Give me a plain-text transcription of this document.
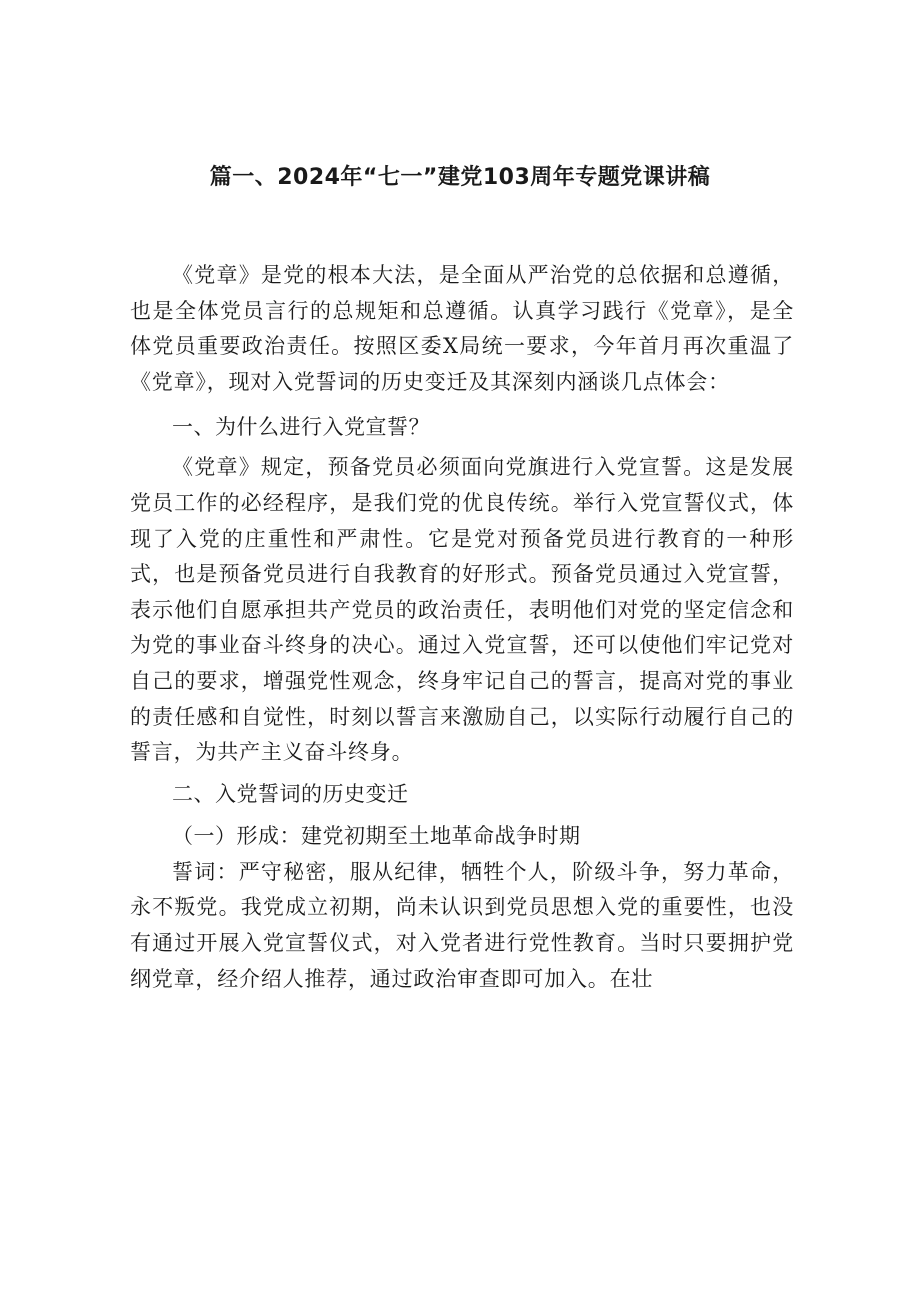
篇一、2024年“七一”建党103周年专题党课讲稿

《党章》是党的根本大法，是全面从严治党的总依据和总遵循，也是全体党员言行的总规矩和总遵循。认真学习践行《党章》，是全体党员重要政治责任。按照区委X局统一要求，今年首月再次重温了《党章》，现对入党誓词的历史变迁及其深刻内涵谈几点体会：

一、为什么进行入党宣誓？

《党章》规定，预备党员必须面向党旗进行入党宣誓。这是发展党员工作的必经程序，是我们党的优良传统。举行入党宣誓仪式，体现了入党的庄重性和严肃性。它是党对预备党员进行教育的一种形式，也是预备党员进行自我教育的好形式。预备党员通过入党宣誓，表示他们自愿承担共产党员的政治责任，表明他们对党的坚定信念和为党的事业奋斗终身的决心。通过入党宣誓，还可以使他们牢记党对自己的要求，增强党性观念，终身牢记自己的誓言，提高对党的事业的责任感和自觉性，时刻以誓言来激励自己，以实际行动履行自己的誓言，为共产主义奋斗终身。

二、入党誓词的历史变迁

（一）形成：建党初期至土地革命战争时期

誓词：严守秘密，服从纪律，牺牲个人，阶级斗争，努力革命，永不叛党。我党成立初期，尚未认识到党员思想入党的重要性，也没有通过开展入党宣誓仪式，对入党者进行党性教育。当时只要拥护党纲党章，经介绍人推荐，通过政治审查即可加入。在壮
